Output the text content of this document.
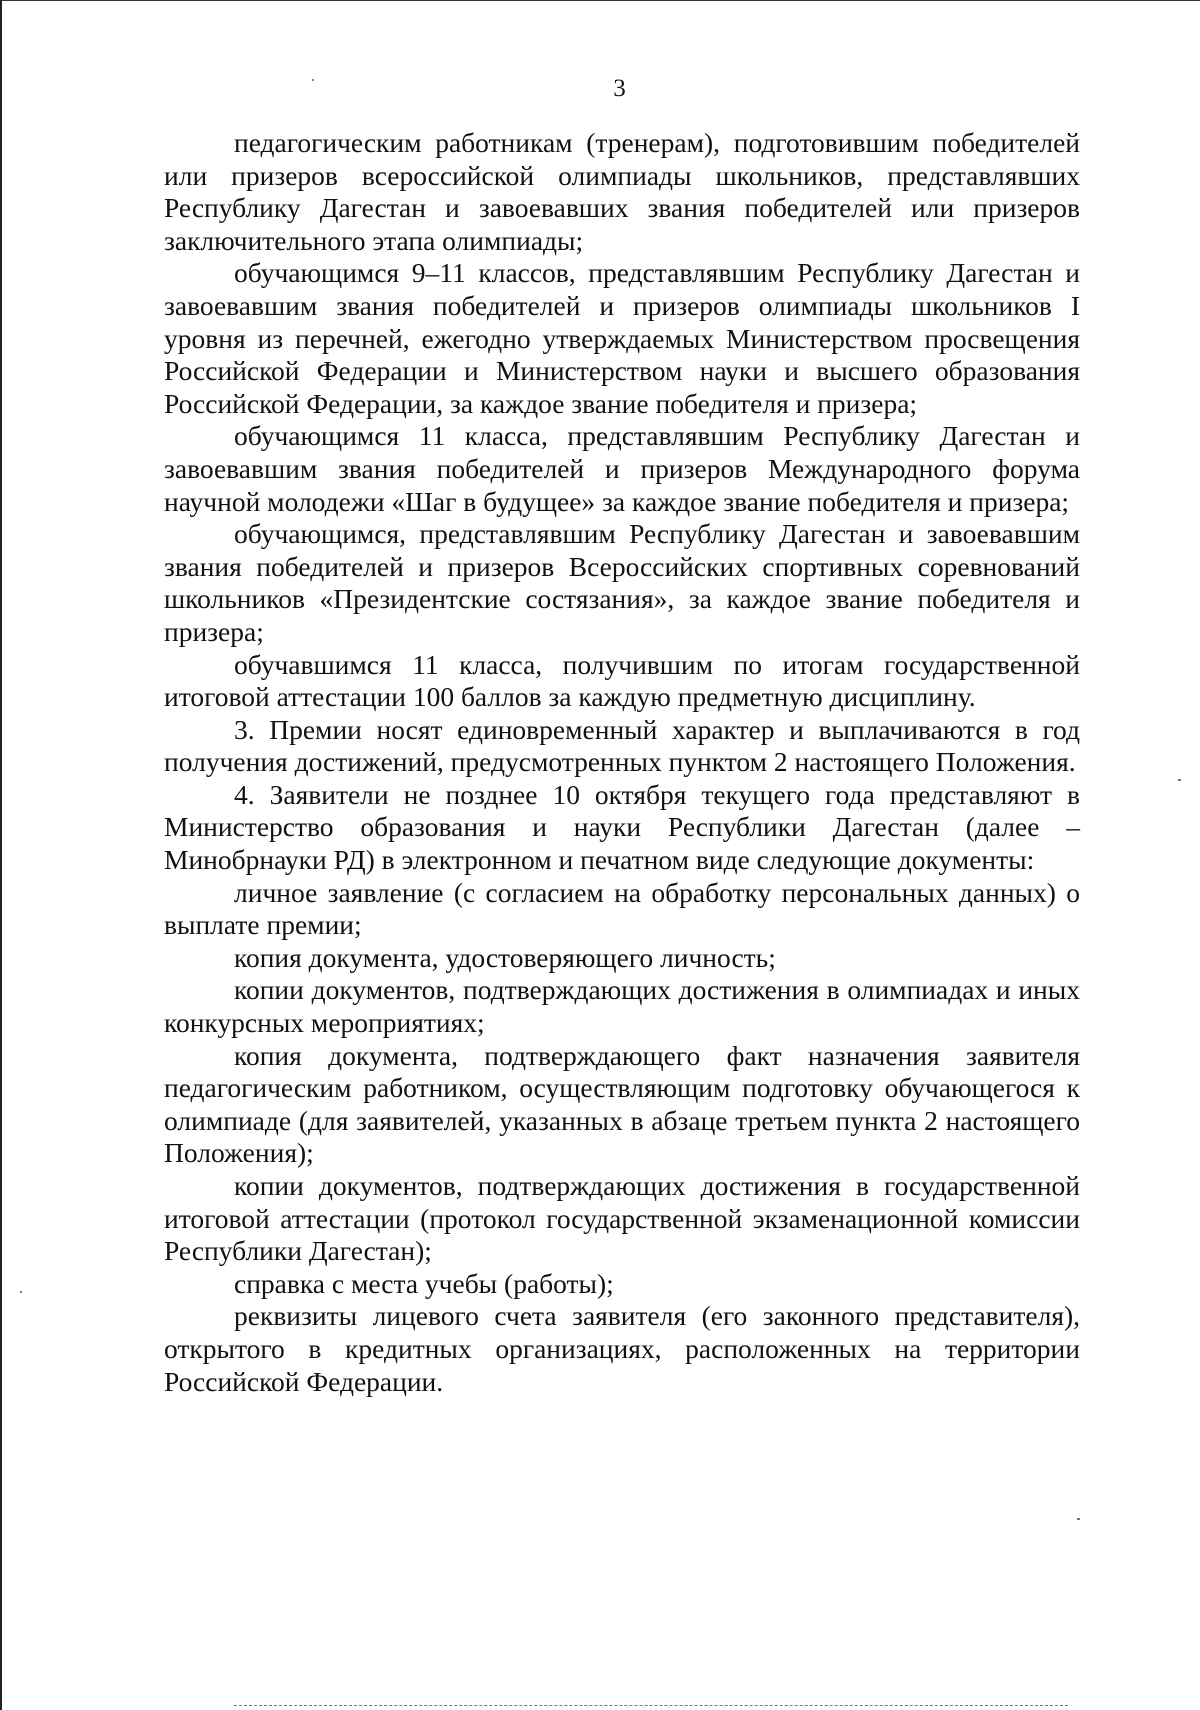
3

педагогическим работникам (тренерам), подготовившим победителей или призеров всероссийской олимпиады школьников, представлявших Республику Дагестан и завоевавших звания победителей или призеров заключительного этапа олимпиады;

обучающимся 9–11 классов, представлявшим Республику Дагестан и завоевавшим звания победителей и призеров олимпиады школьников I уровня из перечней, ежегодно утверждаемых Министерством просвещения Российской Федерации и Министерством науки и высшего образования Российской Федерации, за каждое звание победителя и призера;

обучающимся 11 класса, представлявшим Республику Дагестан и завоевавшим звания победителей и призеров Международного форума научной молодежи «Шаг в будущее» за каждое звание победителя и призера;

обучающимся, представлявшим Республику Дагестан и завоевавшим звания победителей и призеров Всероссийских спортивных соревнований школьников «Президентские состязания», за каждое звание победителя и призера;

обучавшимся 11 класса, получившим по итогам государственной итоговой аттестации 100 баллов за каждую предметную дисциплину.

3. Премии носят единовременный характер и выплачиваются в год получения достижений, предусмотренных пунктом 2 настоящего Положения.

4. Заявители не позднее 10 октября текущего года представляют в Министерство образования и науки Республики Дагестан (далее – Минобрнауки РД) в электронном и печатном виде следующие документы:

личное заявление (с согласием на обработку персональных данных) о выплате премии;

копия документа, удостоверяющего личность;

копии документов, подтверждающих достижения в олимпиадах и иных конкурсных мероприятиях;

копия документа, подтверждающего факт назначения заявителя педагогическим работником, осуществляющим подготовку обучающегося к олимпиаде (для заявителей, указанных в абзаце третьем пункта 2 настоящего Положения);

копии документов, подтверждающих достижения в государственной итоговой аттестации (протокол государственной экзаменационной комиссии Республики Дагестан);

справка с места учебы (работы);

реквизиты лицевого счета заявителя (его законного представителя), открытого в кредитных организациях, расположенных на территории Российской Федерации.
